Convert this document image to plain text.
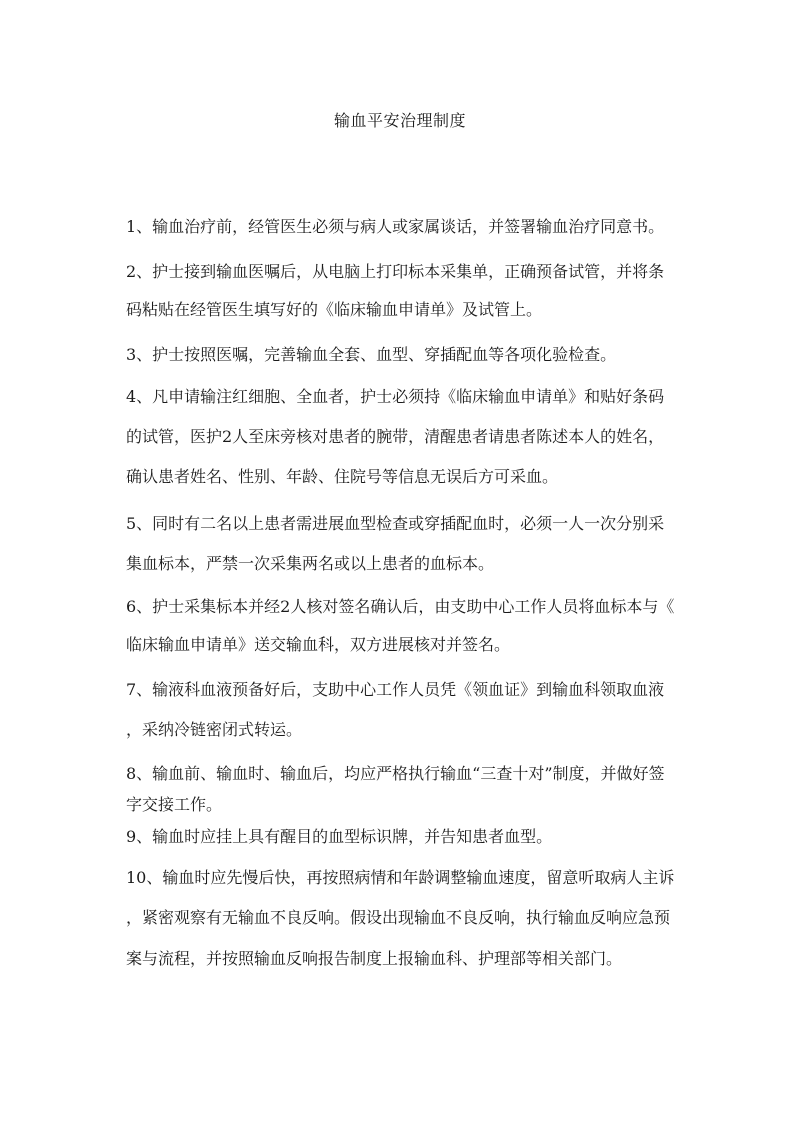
输血平安治理制度
1、输血治疗前，经管医生必须与病人或家属谈话，并签署输血治疗同意书。
2、护士接到输血医嘱后，从电脑上打印标本采集单，正确预备试管，并将条
码粘贴在经管医生填写好的《临床输血申请单》及试管上。
3、护士按照医嘱，完善输血全套、血型、穿插配血等各项化验检查。
4、凡申请输注红细胞、全血者，护士必须持《临床输血申请单》和贴好条码
的试管，医护2人至床旁核对患者的腕带，清醒患者请患者陈述本人的姓名，
确认患者姓名、性别、年龄、住院号等信息无误后方可采血。
5、同时有二名以上患者需进展血型检查或穿插配血时，必须一人一次分别采
集血标本，严禁一次采集两名或以上患者的血标本。
6、护士采集标本并经2人核对签名确认后，由支助中心工作人员将血标本与《
临床输血申请单》送交输血科，双方进展核对并签名。
7、输液科血液预备好后，支助中心工作人员凭《领血证》到输血科领取血液
，采纳冷链密闭式转运。
8、输血前、输血时、输血后，均应严格执行输血“三查十对”制度，并做好签
字交接工作。
9、输血时应挂上具有醒目的血型标识牌，并告知患者血型。
10、输血时应先慢后快，再按照病情和年龄调整输血速度，留意听取病人主诉
，紧密观察有无输血不良反响。假设出现输血不良反响，执行输血反响应急预
案与流程，并按照输血反响报告制度上报输血科、护理部等相关部门。
